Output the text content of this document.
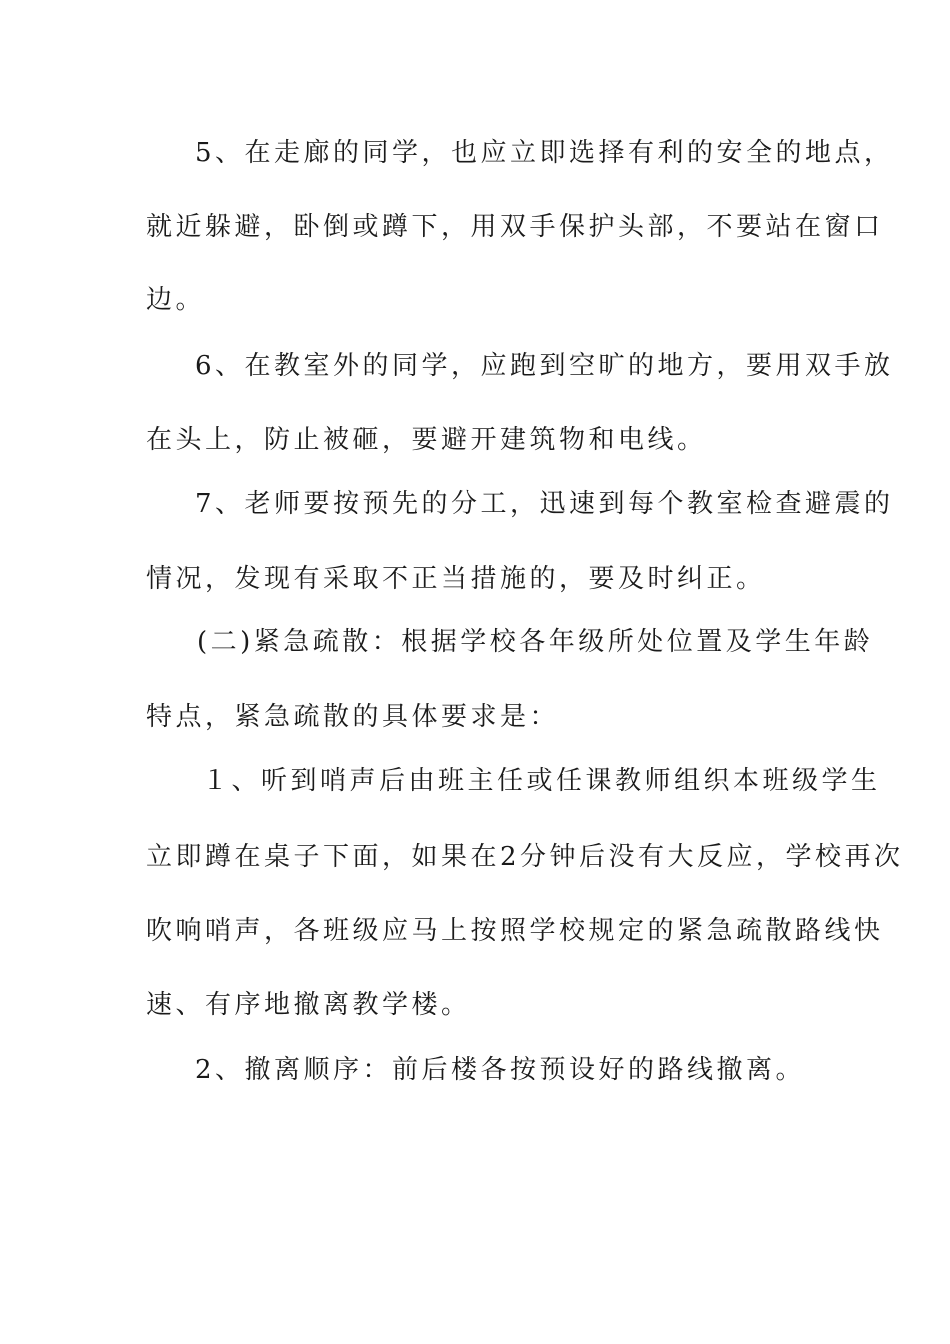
5、在走廊的同学，也应立即选择有利的安全的地点，
就近躲避，卧倒或蹲下，用双手保护头部，不要站在窗口
边。
6、在教室外的同学，应跑到空旷的地方，要用双手放
在头上，防止被砸，要避开建筑物和电线。
7、老师要按预先的分工，迅速到每个教室检查避震的
情况，发现有采取不正当措施的，要及时纠正。
(二)紧急疏散：根据学校各年级所处位置及学生年龄
特点，紧急疏散的具体要求是：
１、听到哨声后由班主任或任课教师组织本班级学生
立即蹲在桌子下面，如果在2分钟后没有大反应，学校再次
吹响哨声，各班级应马上按照学校规定的紧急疏散路线快
速、有序地撤离教学楼。
2、撤离顺序：前后楼各按预设好的路线撤离。
